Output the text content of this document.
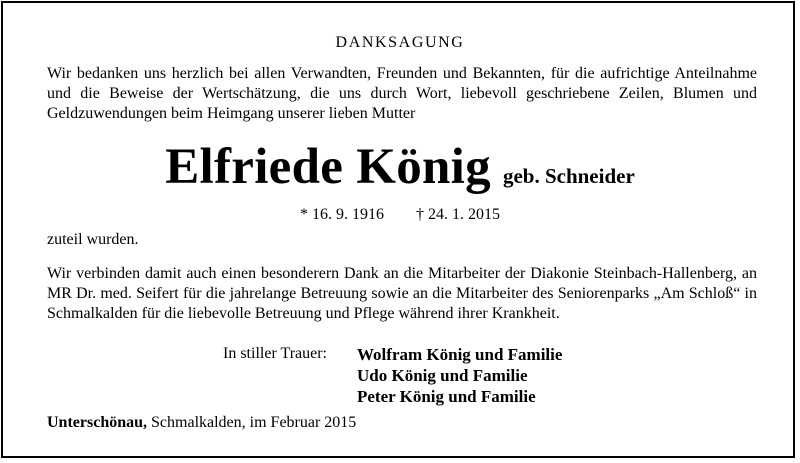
DANKSAGUNG
Wir bedanken uns herzlich bei allen Verwandten, Freunden und Bekannten, für die aufrichtige Anteilnahme und die Beweise der Wertschätzung, die uns durch Wort, liebevoll geschriebene Zeilen, Blumen und Geldzuwendungen beim Heimgang unserer lieben Mutter
Elfriede König geb. Schneider
* 16. 9. 1916 † 24. 1. 2015
zuteil wurden.
Wir verbinden damit auch einen besonderern Dank an die Mitarbeiter der Diakonie Steinbach-Hallenberg, an MR Dr. med. Seifert für die jahrelange Betreuung sowie an die Mitarbeiter des Seniorenparks „Am Schloß“ in Schmalkalden für die liebevolle Betreuung und Pflege während ihrer Krankheit.
In stiller Trauer: Wolfram König und Familie
Udo König und Familie
Peter König und Familie
Unterschönau, Schmalkalden, im Februar 2015
